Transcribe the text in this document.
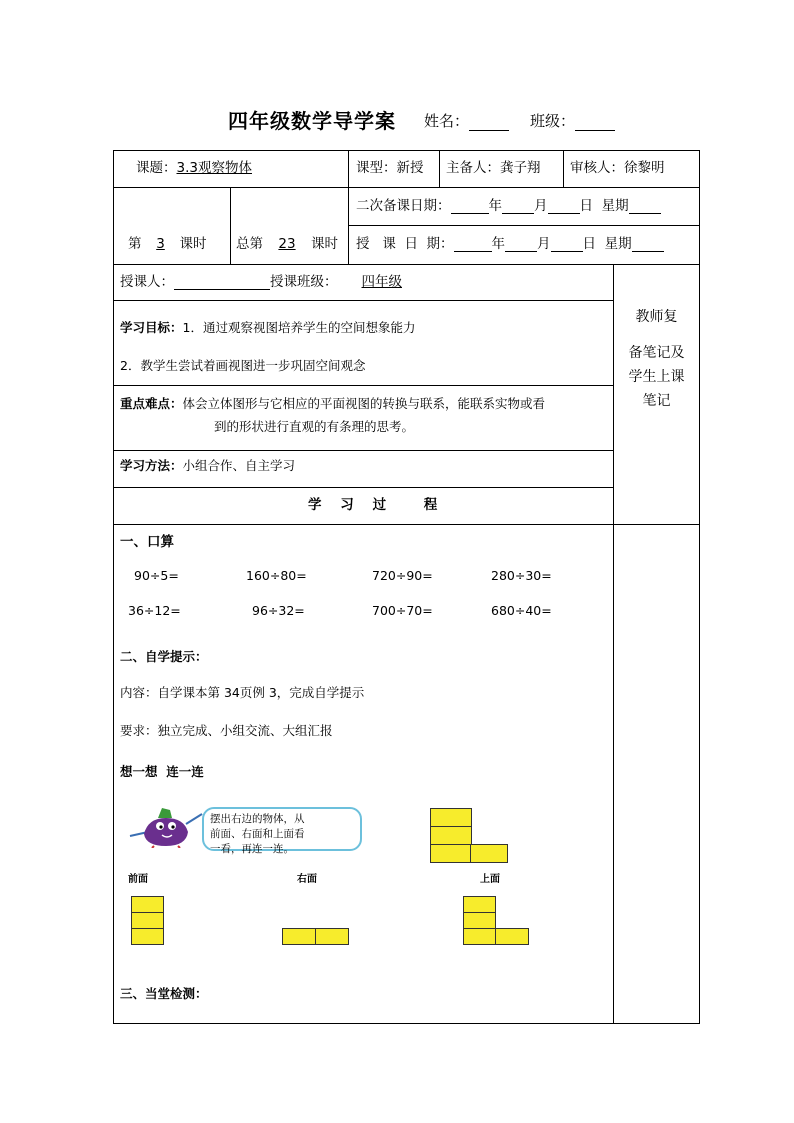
四年级数学导学案 姓名：	班级：
课题：3.3观察物体	课型：新授 主备人：龚子翔 审核人：徐黎明
第 3 课时 总第 23 课时
二次备课日期：	年 月 日 星期
授   课  日  期：	年 月 日 星期
授课人：	授课班级： 四年级
学习目标：1．通过观察视图培养学生的空间想象能力
2．教学生尝试着画视图进一步巩固空间观念
重点难点：体会立体图形与它相应的平面视图的转换与联系，能联系实物或看
到的形状进行直观的有条理的思考。
学习方法：小组合作、自主学习
教师复
备笔记及
学生上课
笔记
学    习    过        程
一、口算
90÷5=	160÷80=	720÷90=	280÷30=
36÷12=	96÷32=	700÷70=	680÷40=
二、自学提示：
内容：自学课本第 34页例 3，完成自学提示
要求：独立完成、小组交流、大组汇报
想一想  连一连
摆出右边的物体，从
前面、右面和上面看
一看，再连一连。
前面	右面	上面
三、当堂检测：
